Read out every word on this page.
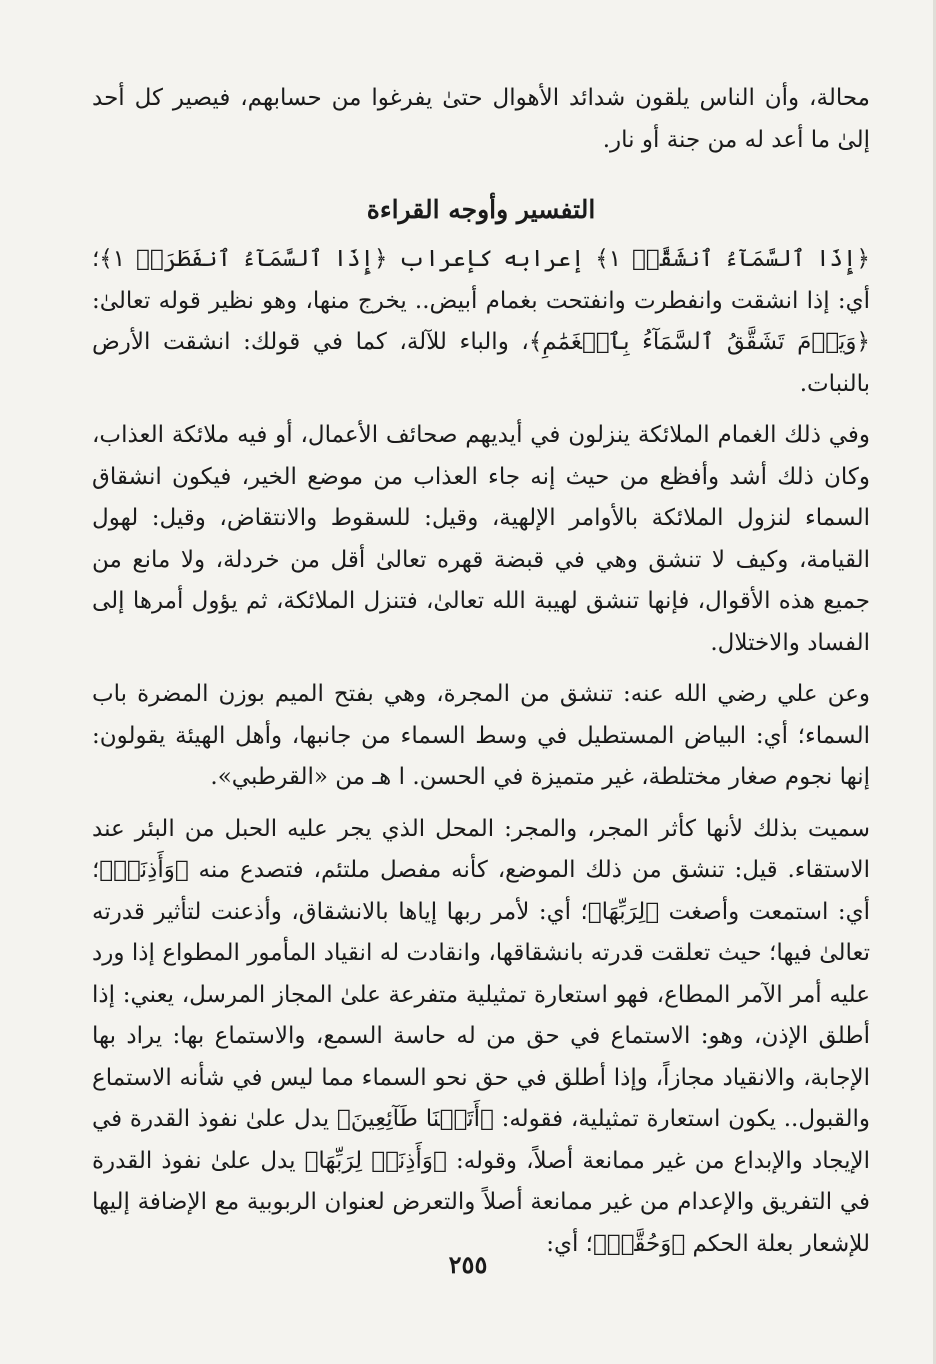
محالة، وأن الناس يلقون شدائد الأهوال حتىٰ يفرغوا من حسابهم، فيصير كل أحد إلىٰ ما أعد له من جنة أو نار.

التفسير وأوجه القراءة

﴿إِذَا ٱلسَّمَآءُ ٱنشَقَّتۡ ١﴾ إعرابه كإعراب ﴿إِذَا ٱلسَّمَآءُ ٱنفَطَرَتۡ ١﴾؛ أي: إذا انشقت وانفطرت وانفتحت بغمام أبيض.. يخرج منها، وهو نظير قوله تعالىٰ: ﴿وَيَوۡمَ تَشَقَّقُ ٱلسَّمَآءُ بِٱلۡغَمَٰمِ﴾، والباء للآلة، كما في قولك: انشقت الأرض بالنبات.

وفي ذلك الغمام الملائكة ينزلون في أيديهم صحائف الأعمال، أو فيه ملائكة العذاب، وكان ذلك أشد وأفظع من حيث إنه جاء العذاب من موضع الخير، فيكون انشقاق السماء لنزول الملائكة بالأوامر الإلهية، وقيل: للسقوط والانتقاض، وقيل: لهول القيامة، وكيف لا تنشق وهي في قبضة قهره تعالىٰ أقل من خردلة، ولا مانع من جميع هذه الأقوال، فإنها تنشق لهيبة الله تعالىٰ، فتنزل الملائكة، ثم يؤول أمرها إلى الفساد والاختلال.

وعن علي رضي الله عنه: تنشق من المجرة، وهي بفتح الميم بوزن المضرة باب السماء؛ أي: البياض المستطيل في وسط السماء من جانبها، وأهل الهيئة يقولون: إنها نجوم صغار مختلطة، غير متميزة في الحسن. ا هـ من «القرطبي».

سميت بذلك لأنها كأثر المجر، والمجر: المحل الذي يجر عليه الحبل من البئر عند الاستقاء. قيل: تنشق من ذلك الموضع، كأنه مفصل ملتئم، فتصدع منه ﴿وَأَذِنَتۡ﴾؛ أي: استمعت وأصغت ﴿لِرَبِّهَا﴾؛ أي: لأمر ربها إياها بالانشقاق، وأذعنت لتأثير قدرته تعالىٰ فيها؛ حيث تعلقت قدرته بانشقاقها، وانقادت له انقياد المأمور المطواع إذا ورد عليه أمر الآمر المطاع، فهو استعارة تمثيلية متفرعة علىٰ المجاز المرسل، يعني: إذا أطلق الإذن، وهو: الاستماع في حق من له حاسة السمع، والاستماع بها: يراد بها الإجابة، والانقياد مجازاً، وإذا أطلق في حق نحو السماء مما ليس في شأنه الاستماع والقبول.. يكون استعارة تمثيلية، فقوله: ﴿أَتَيۡنَا طَآئِعِينَ﴾ يدل علىٰ نفوذ القدرة في الإيجاد والإبداع من غير ممانعة أصلاً، وقوله: ﴿وَأَذِنَتۡ لِرَبِّهَا﴾ يدل علىٰ نفوذ القدرة في التفريق والإعدام من غير ممانعة أصلاً والتعرض لعنوان الربوبية مع الإضافة إليها للإشعار بعلة الحكم ﴿وَحُقَّتۡ﴾؛ أي:

٢٥٥
